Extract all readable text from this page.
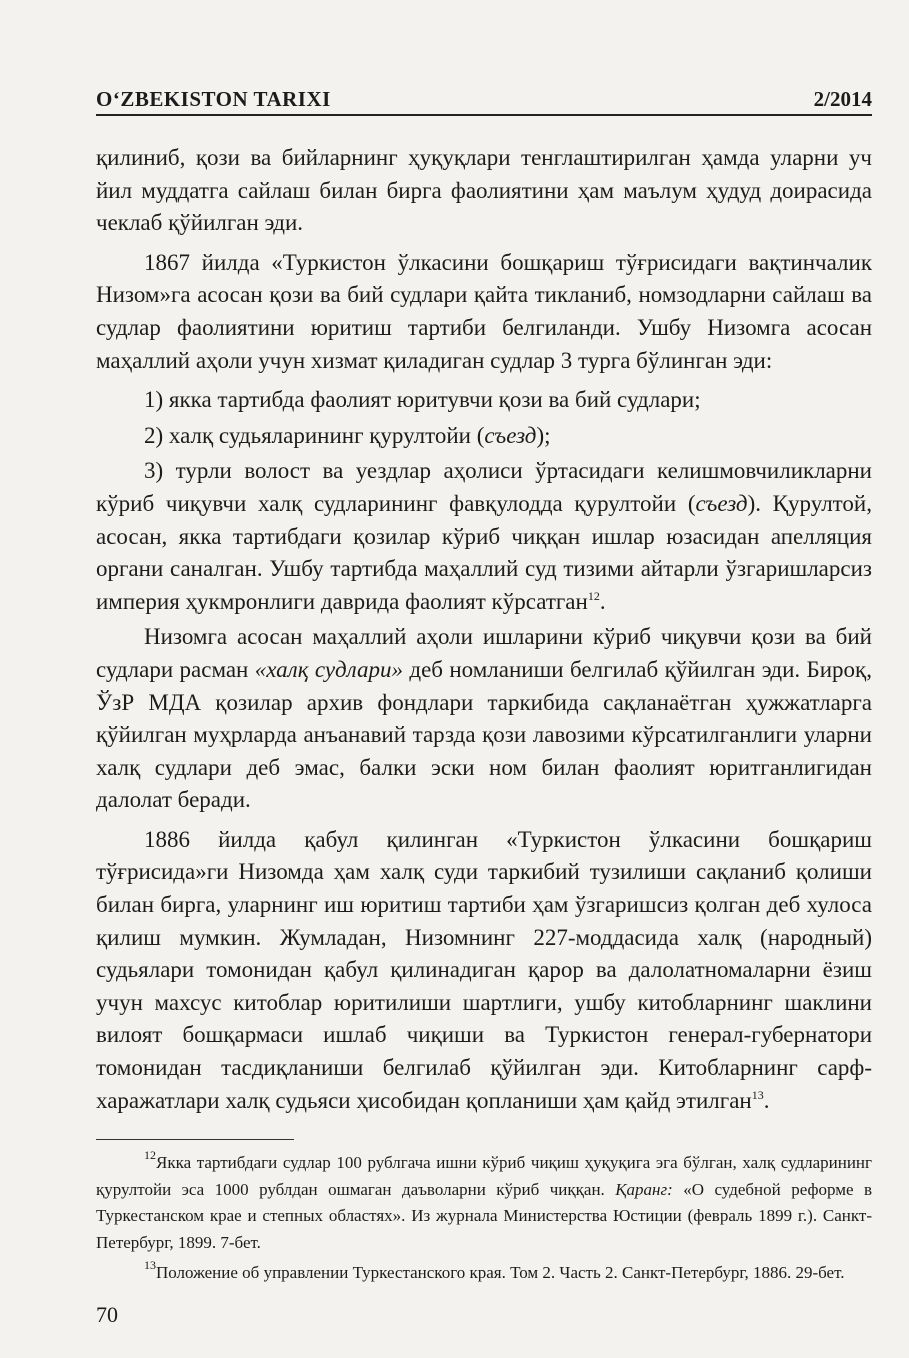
O‘ZBEKISTON TARIXI	2/2014

қилиниб, қози ва бийларнинг ҳуқуқлари тенглаштирилган ҳамда уларни уч йил муддатга сайлаш билан бирга фаолиятини ҳам маълум ҳудуд доирасида чеклаб қўйилган эди.

1867 йилда «Туркистон ўлкасини бошқариш тўғрисидаги вақтинчалик Низом»га асосан қози ва бий судлари қайта тикланиб, номзодларни сайлаш ва судлар фаолиятини юритиш тартиби белгиланди. Ушбу Низомга асосан маҳаллий аҳоли учун хизмат қиладиган судлар 3 турга бўлинган эди:

1) якка тартибда фаолият юритувчи қози ва бий судлари;

2) халқ судьяларининг қурултойи (съезд);

3) турли волост ва уездлар аҳолиси ўртасидаги келишмовчиликларни кўриб чиқувчи халқ судларининг фавқулодда қурултойи (съезд). Қурултой, асосан, якка тартибдаги қозилар кўриб чиққан ишлар юзасидан апелляция органи саналган. Ушбу тартибда маҳаллий суд тизими айтарли ўзгаришларсиз империя ҳукмронлиги даврида фаолият кўрсатган$^{12}$.

Низомга асосан маҳаллий аҳоли ишларини кўриб чиқувчи қози ва бий судлари расман «халқ судлари» деб номланиши белгилаб қўйилган эди. Бироқ, ЎзР МДА қозилар архив фондлари таркибида сақланаётган ҳужжатларга қўйилган муҳрларда анъанавий тарзда қози лавозими кўрсатилганлиги уларни халқ судлари деб эмас, балки эски ном билан фаолият юритганлигидан далолат беради.

1886 йилда қабул қилинган «Туркистон ўлкасини бошқариш тўғрисида»ги Низомда ҳам халқ суди таркибий тузилиши сақланиб қолиши билан бирга, уларнинг иш юритиш тартиби ҳам ўзгаришсиз қолган деб хулоса қилиш мумкин. Жумладан, Низомнинг 227-моддасида халқ (народный) судьялари томонидан қабул қилинадиган қарор ва далолатномаларни ёзиш учун махсус китоблар юритилиши шартлиги, ушбу китобларнинг шаклини вилоят бошқармаси ишлаб чиқиши ва Туркистон генерал-губернатори томонидан тасдиқланиши белгилаб қўйилган эди. Китобларнинг сарф-харажатлари халқ судьяси ҳисобидан қопланиши ҳам қайд этилган$^{13}$.

$^{12}$Якка тартибдаги судлар 100 рублгача ишни кўриб чиқиш ҳуқуқига эга бўлган, халқ судларининг қурултойи эса 1000 рублдан ошмаган даъволарни кўриб чиққан. Қаранг: «О судебной реформе в Туркестанском крае и степных областях». Из журнала Министерства Юстиции (февраль 1899 г.). Санкт-Петербург, 1899. 7-бет.

$^{13}$Положение об управлении Туркестанского края. Том 2. Часть 2. Санкт-Петербург, 1886. 29-бет.

70
